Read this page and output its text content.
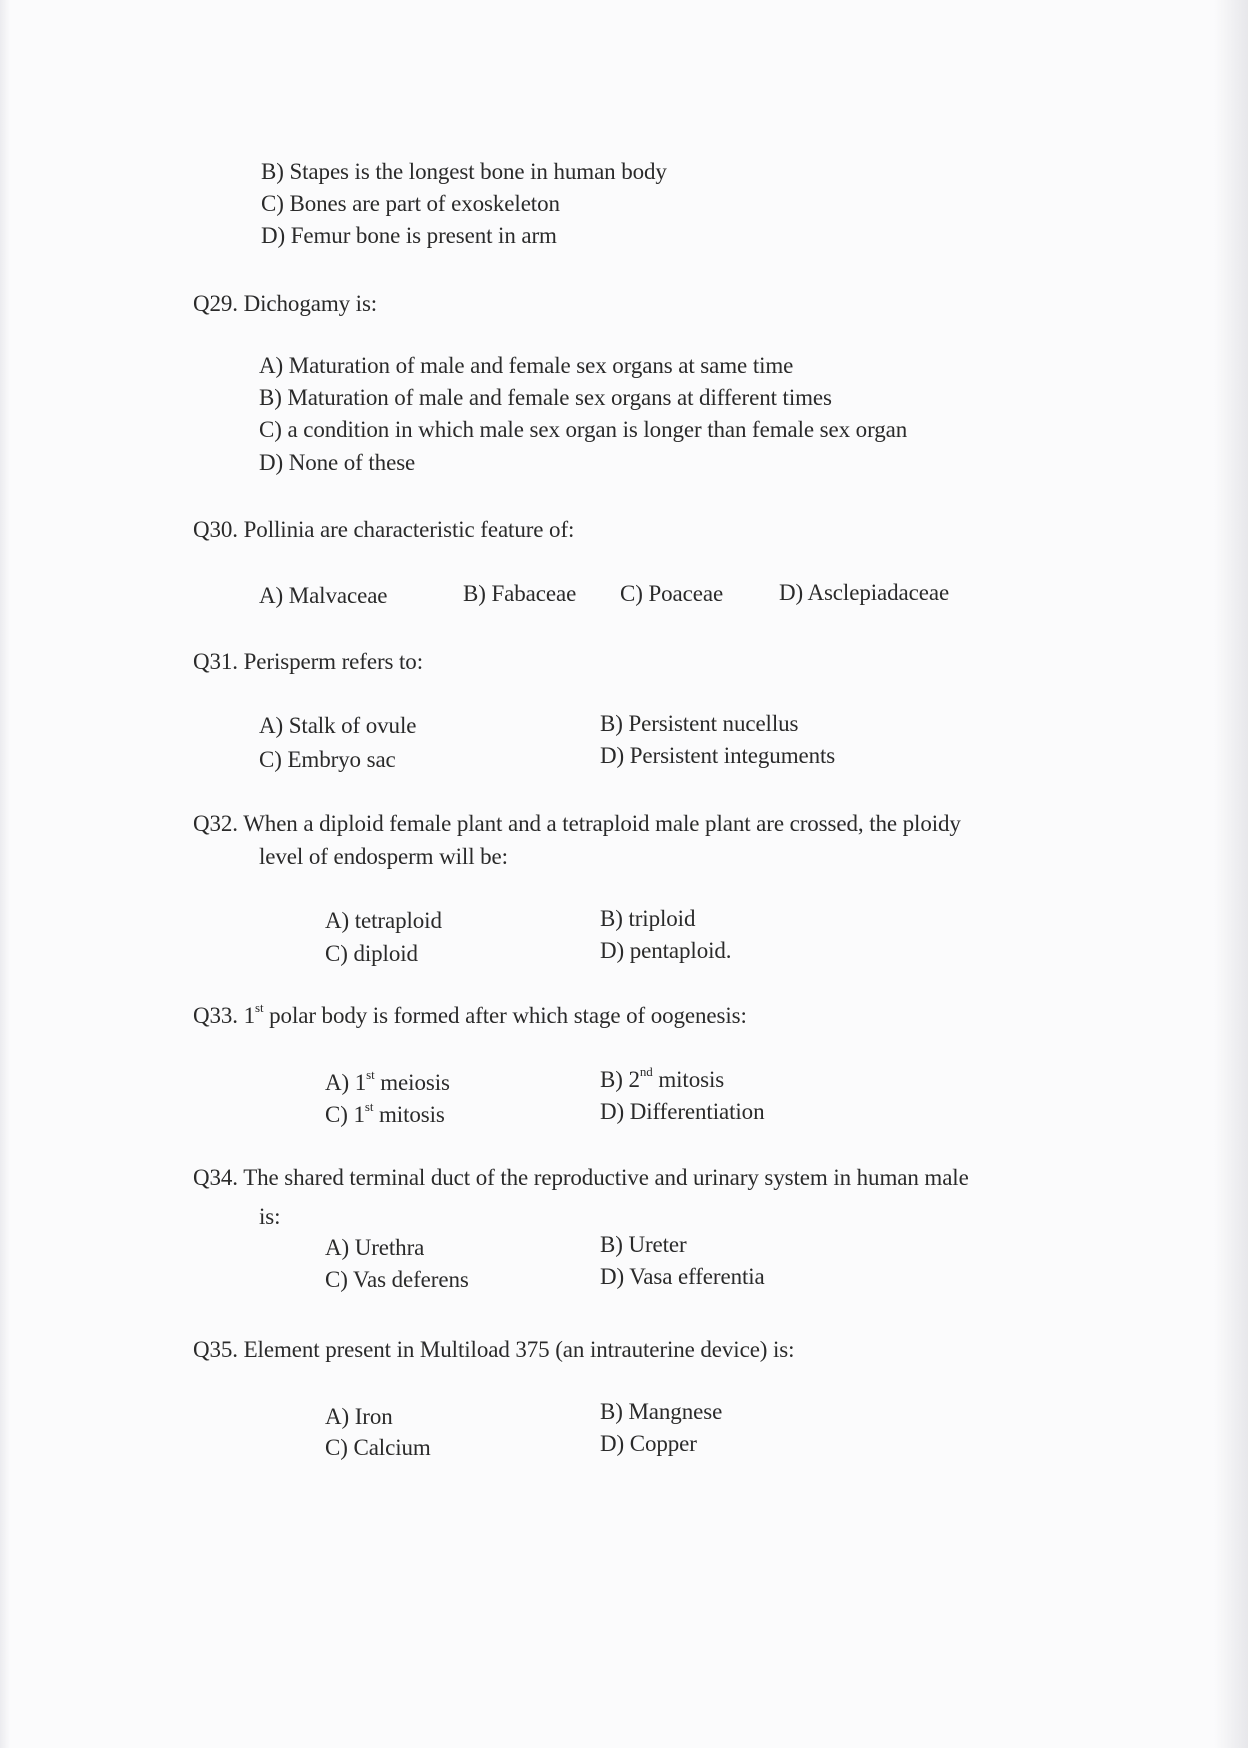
B) Stapes is the longest bone in human body
C) Bones are part of exoskeleton
D) Femur bone is present in arm
Q29. Dichogamy is:
A) Maturation of male and female sex organs at same time
B) Maturation of male and female sex organs at different times
C) a condition in which male sex organ is longer than female sex organ
D) None of these
Q30. Pollinia are characteristic feature of:
A) Malvaceae	B) Fabaceae C) Poaceae D) Asclepiadaceae
Q31. Perisperm refers to:
A) Stalk of ovule	B) Persistent nucellus
C) Embryo sac	D) Persistent integuments
Q32. When a diploid female plant and a tetraploid male plant are crossed, the ploidy
level of endosperm will be:
A) tetraploid	B) triploid
C) diploid	D) pentaploid.
Q33. 1st polar body is formed after which stage of oogenesis:
A) 1st meiosis	B) 2nd mitosis
C) 1st mitosis	D) Differentiation
Q34. The shared terminal duct of the reproductive and urinary system in human male
is:
A) Urethra	B) Ureter
C) Vas deferens	D) Vasa efferentia
Q35. Element present in Multiload 375 (an intrauterine device) is:
A) Iron	B) Mangnese
C) Calcium	D) Copper
